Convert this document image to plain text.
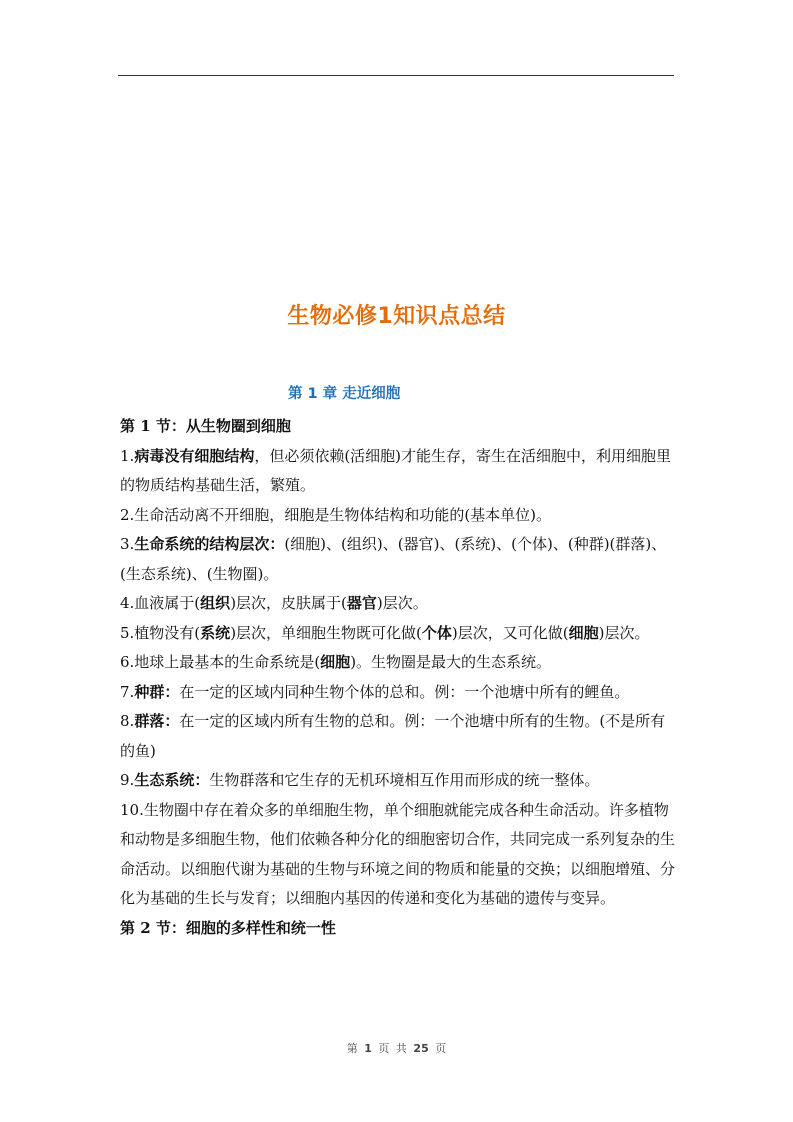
生物必修1知识点总结
第 1 章 走近细胞

第 1 节：从生物圈到细胞

1.病毒没有细胞结构，但必须依赖(活细胞)才能生存，寄生在活细胞中，利用细胞里的物质结构基础生活，繁殖。

2.生命活动离不开细胞，细胞是生物体结构和功能的(基本单位)。

3.生命系统的结构层次：(细胞)、(组织)、(器官)、(系统)、(个体)、(种群)(群落)、(生态系统)、(生物圈)。

4.血液属于(组织)层次，皮肤属于(器官)层次。

5.植物没有(系统)层次，单细胞生物既可化做(个体)层次，又可化做(细胞)层次。

6.地球上最基本的生命系统是(细胞)。生物圈是最大的生态系统。

7.种群：在一定的区域内同种生物个体的总和。例：一个池塘中所有的鲤鱼。

8.群落：在一定的区域内所有生物的总和。例：一个池塘中所有的生物。(不是所有的鱼)

9.生态系统：生物群落和它生存的无机环境相互作用而形成的统一整体。

10.生物圈中存在着众多的单细胞生物，单个细胞就能完成各种生命活动。许多植物和动物是多细胞生物，他们依赖各种分化的细胞密切合作，共同完成一系列复杂的生命活动。以细胞代谢为基础的生物与环境之间的物质和能量的交换；以细胞增殖、分化为基础的生长与发育；以细胞内基因的传递和变化为基础的遗传与变异。

第 2 节：细胞的多样性和统一性

第 1 页 共 25 页
